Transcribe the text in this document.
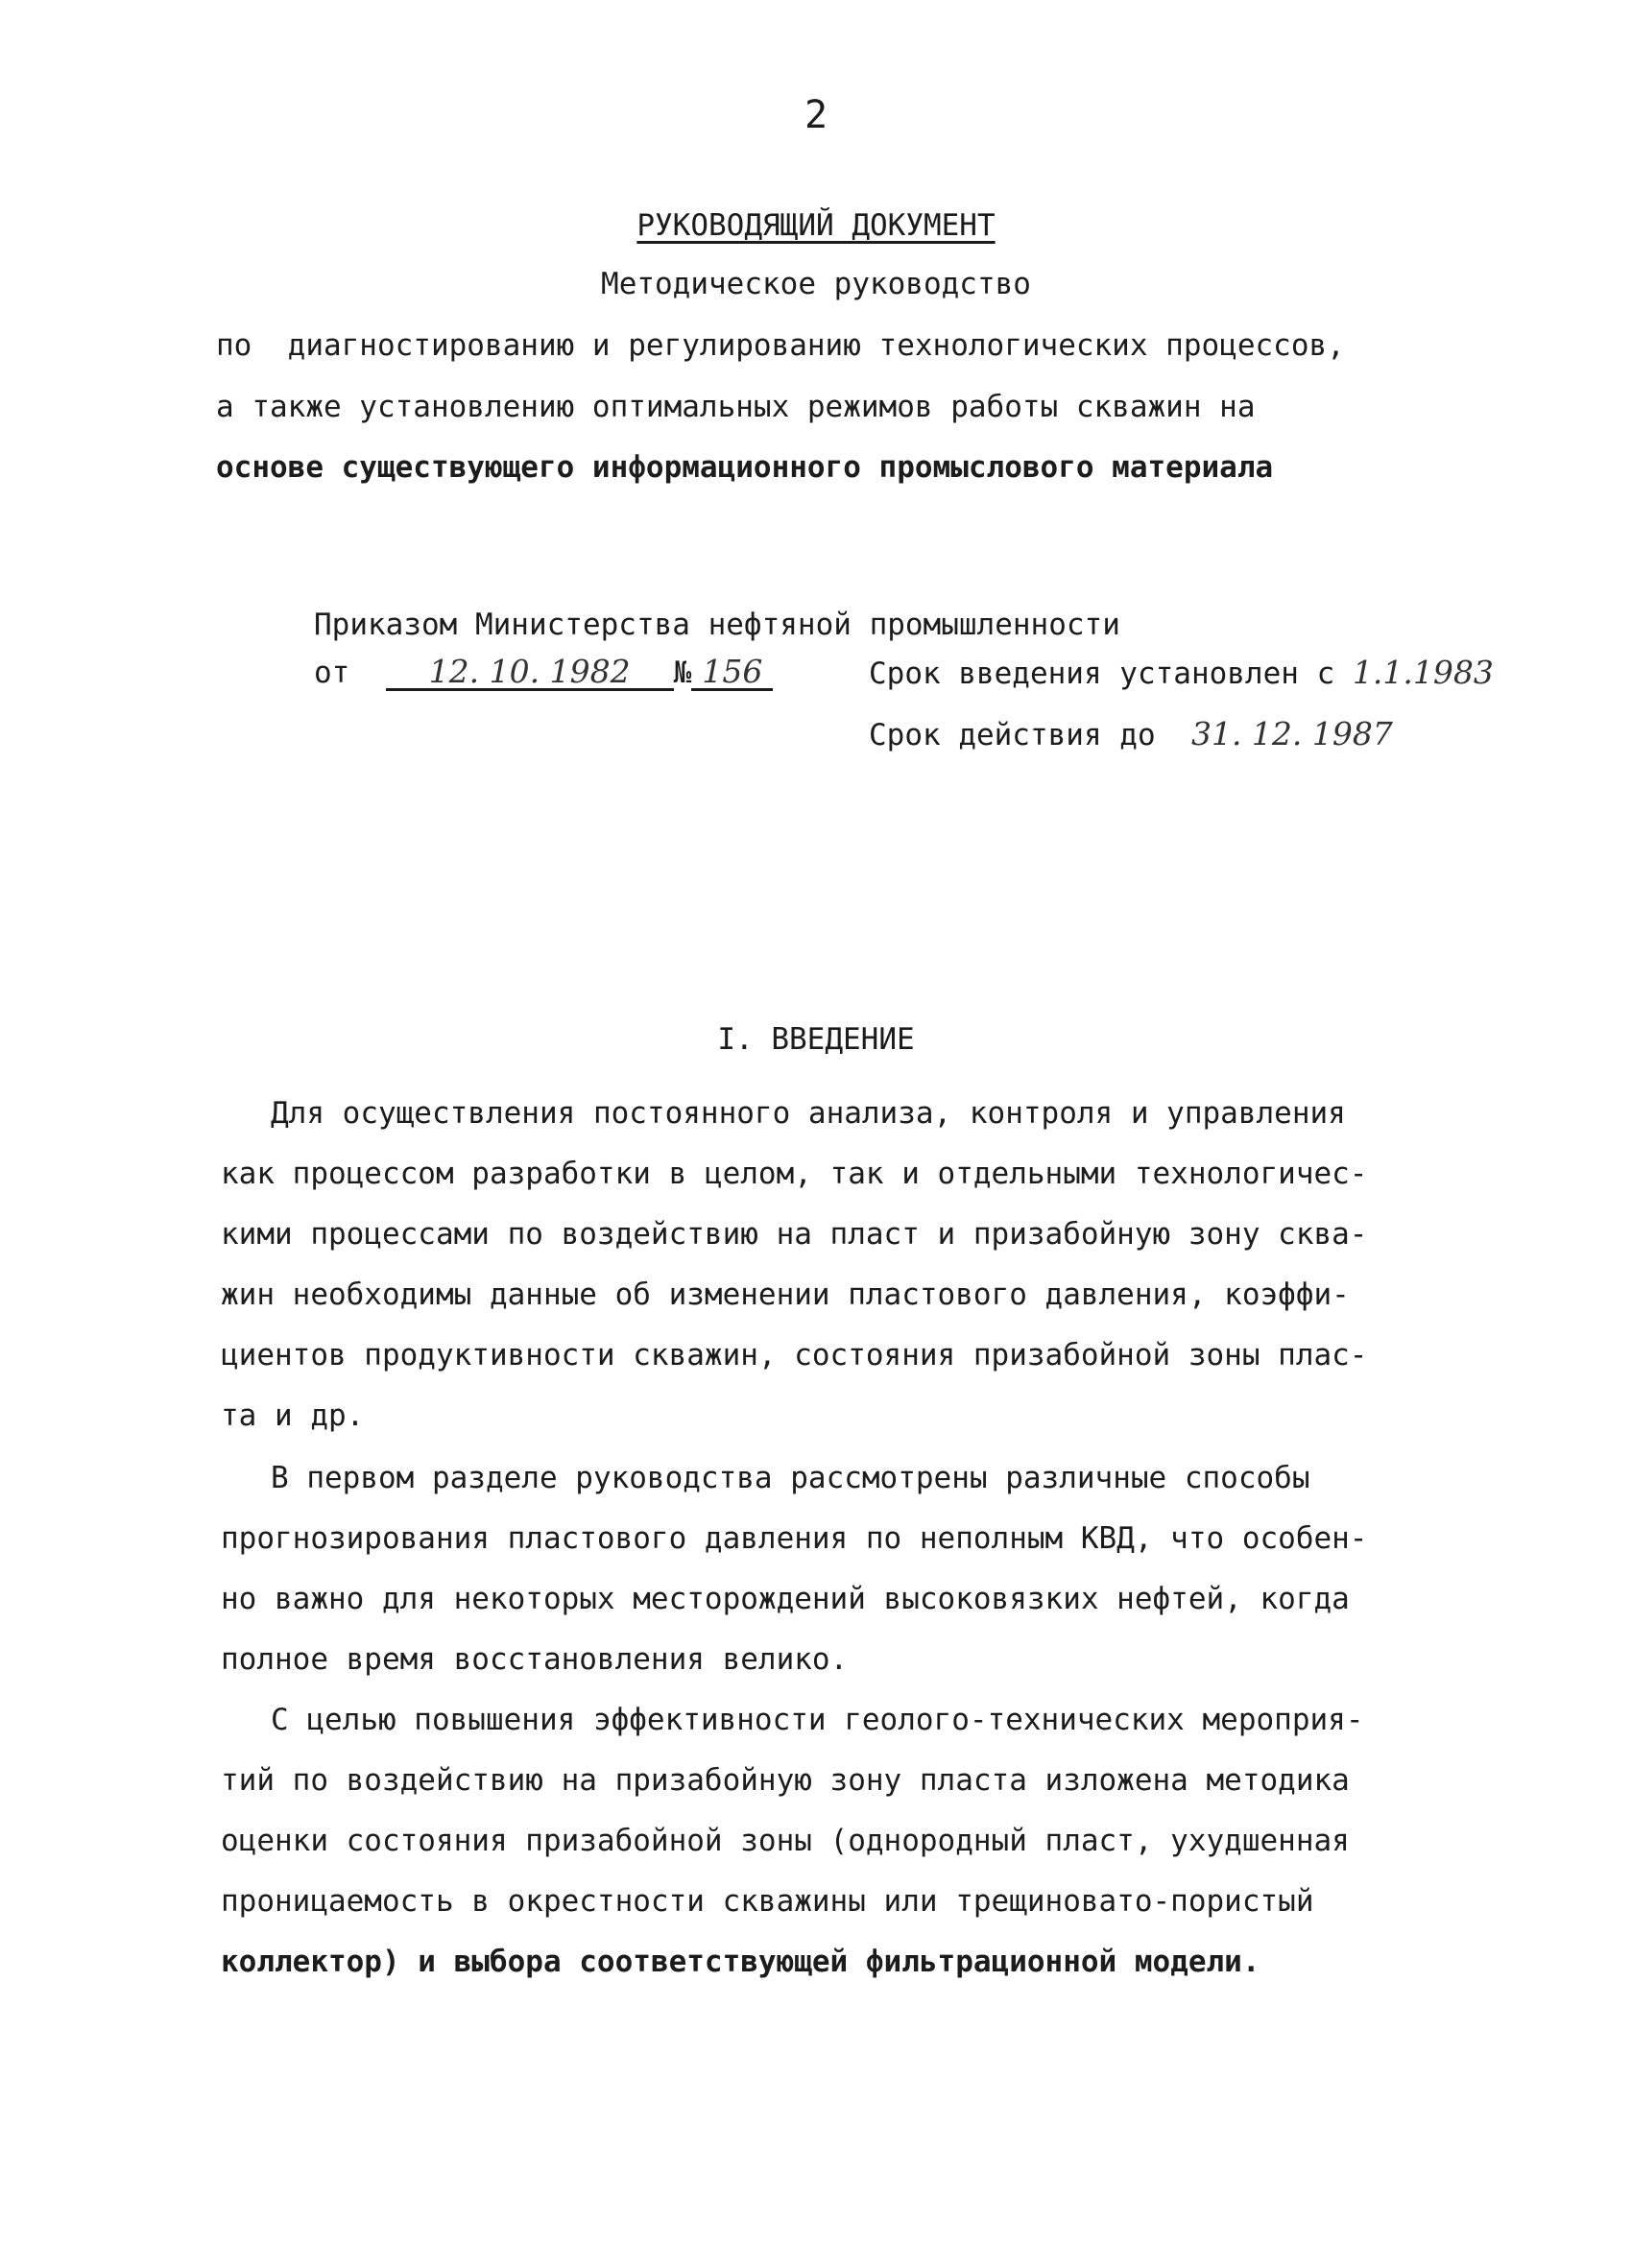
2
РУКОВОДЯЩИЙ ДОКУМЕНТ
Методическое руководство
по  диагностированию и регулированию технологических процессов,
а также установлению оптимальных режимов работы скважин на
основе существующего информационного промыслового материала
Приказом Министерства нефтяной промышленности
от 12. 10. 1982 № 156	Срок введения установлен с 1.1.1983
Срок действия до 31. 12. 1987
I. ВВЕДЕНИЕ
Для осуществления постоянного анализа, контроля и управления
как процессом разработки в целом, так и отдельными технологичес-
кими процессами по воздействию на пласт и призабойную зону сква-
жин необходимы данные об изменении пластового давления, коэффи-
циентов продуктивности скважин, состояния призабойной зоны плас-
та и др.
В первом разделе руководства рассмотрены различные способы
прогнозирования пластового давления по неполным КВД, что особен-
но важно для некоторых месторождений высоковязких нефтей, когда
полное время восстановления велико.
С целью повышения эффективности геолого-технических мероприя-
тий по воздействию на призабойную зону пласта изложена методика
оценки состояния призабойной зоны (однородный пласт, ухудшенная
проницаемость в окрестности скважины или трещиновато-пористый
коллектор) и выбора соответствующей фильтрационной модели.
